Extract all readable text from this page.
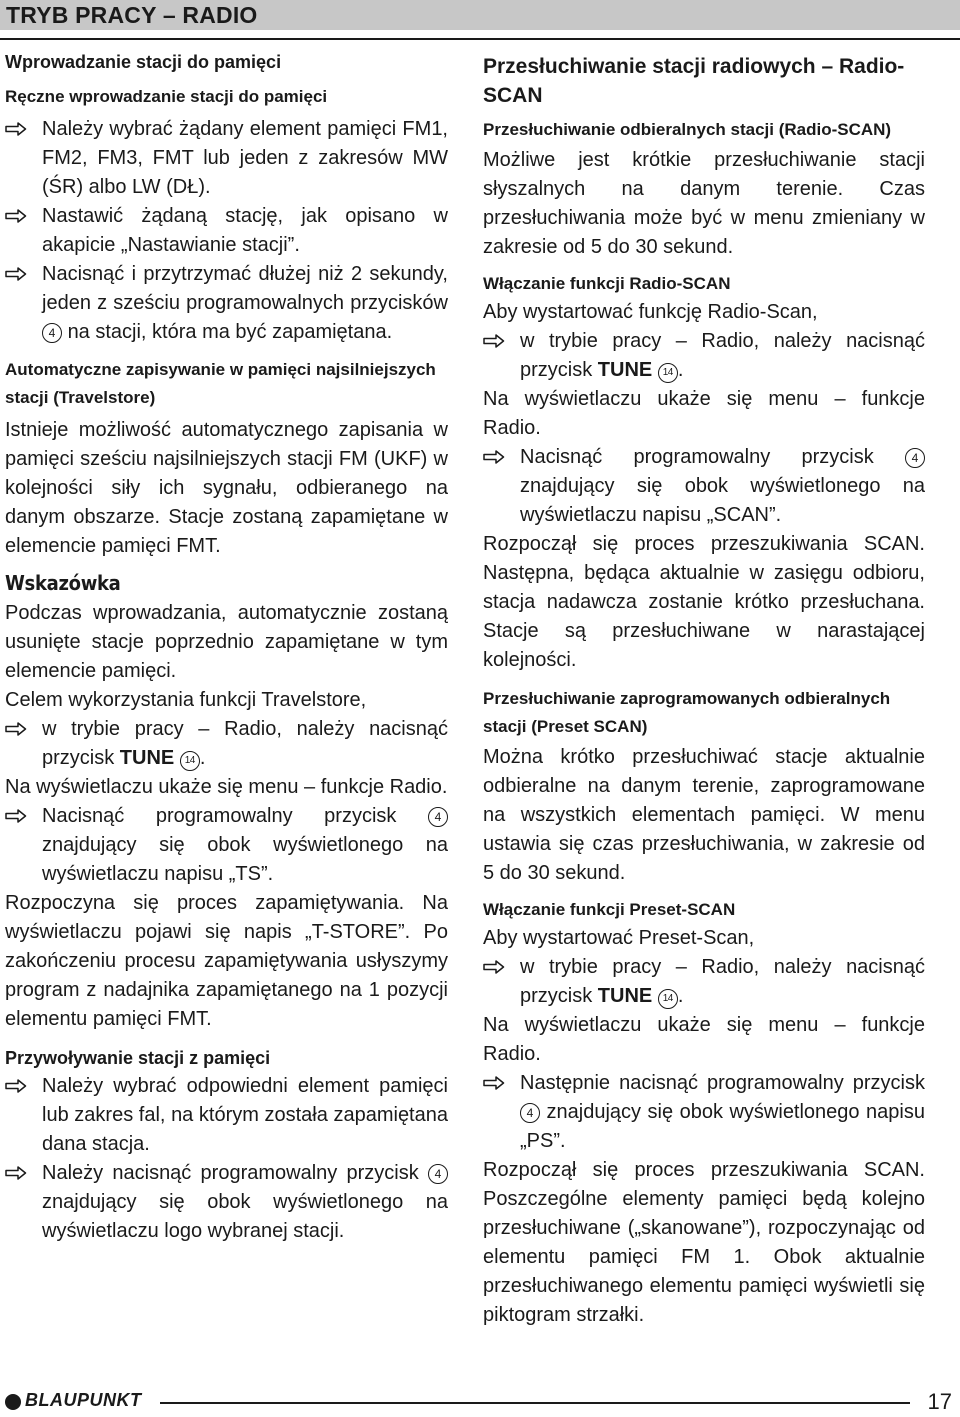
TRYB PRACY – RADIO
Wprowadzanie stacji do pamięci
Ręczne wprowadzanie stacji do pamięci
Należy wybrać żądany element pamięci FM1, FM2, FM3, FMT lub jeden z zakresów MW (ŚR) albo LW (DŁ).
Nastawić żądaną stację, jak opisano w akapicie „Nastawianie stacji”.
Nacisnąć i przytrzymać dłużej niż 2 sekundy, jeden z sześciu programowalnych przycisków 4 na stacji, która ma być zapamiętana.
Automatyczne zapisywanie w pamięci najsilniejszych stacji (Travelstore)

Istnieje możliwość automatycznego zapisania w pamięci sześciu najsilniejszych stacji FM (UKF) w kolejności siły ich sygnału, odbieranego na danym obszarze. Stacje zostaną zapamiętane w elemencie pamięci FMT.

Wskazówka

Podczas wprowadzania, automatycznie zostaną usunięte stacje poprzednio zapamiętane w tym elemencie pamięci.

Celem wykorzystania funkcji Travelstore,

w trybie pracy – Radio, należy nacisnąć przycisk TUNE 14 .

Na wyświetlaczu ukaże się menu – funkcje Radio.

Nacisnąć programowalny przycisk	4 znajdujący się obok wyświetlonego na wyświetlaczu napisu „TS”.

Rozpoczyna się proces zapamiętywania. Na wyświetlaczu pojawi się napis „T-STORE”. Po zakończeniu procesu zapamiętywania usłyszymy program z nadajnika zapamiętanego na 1 pozycji elementu pamięci FMT.

Przywoływanie stacji z pamięci
Należy wybrać odpowiedni element pamięci lub zakres fal, na którym została zapamiętana dana stacja.
Należy nacisnąć programowalny przycisk 4 znajdujący się obok wyświetlonego na wyświetlaczu logo wybranej stacji.
Przesłuchiwanie stacji radiowych – Radio-SCAN
Przesłuchiwanie odbieralnych stacji (Radio-SCAN)

Możliwe jest krótkie przesłuchiwanie stacji słyszalnych na danym terenie. Czas przesłuchiwania może być w menu zmieniany w zakresie od 5 do 30 sekund.

Włączanie funkcji Radio-SCAN

Aby wystartować funkcję Radio-Scan,

w trybie pracy – Radio, należy nacisnąć przycisk TUNE 14 .

Na wyświetlaczu ukaże się menu – funkcje Radio.

Nacisnąć programowalny przycisk	4 znajdujący się obok wyświetlonego na wyświetlaczu napisu „SCAN”.

Rozpoczął się proces przeszukiwania SCAN. Następna, będąca aktualnie w zasięgu odbioru, stacja nadawcza zostanie krótko przesłuchana. Stacje są przesłuchiwane w narastającej kolejności.

Przesłuchiwanie zaprogramowanych odbieralnych stacji (Preset SCAN)

Można krótko przesłuchiwać stacje aktualnie odbieralne na danym terenie, zaprogramowane na wszystkich elementach pamięci. W menu ustawia się czas przesłuchiwania, w zakresie od 5 do 30 sekund.

Włączanie funkcji Preset-SCAN

Aby wystartować Preset-Scan,

w trybie pracy – Radio, należy nacisnąć przycisk TUNE 14 .

Na wyświetlaczu ukaże się menu – funkcje Radio.

Następnie nacisnąć programowalny przycisk 4 znajdujący się obok wyświetlonego napisu „PS”.

Rozpoczął się proces przeszukiwania SCAN. Poszczególne elementy pamięci będą kolejno przesłuchiwane („skanowane”), rozpoczynając od elementu pamięci FM 1. Obok aktualnie przesłuchiwanego elementu pamięci wyświetli się piktogram strzałki.

BLAUPUNKT	17
